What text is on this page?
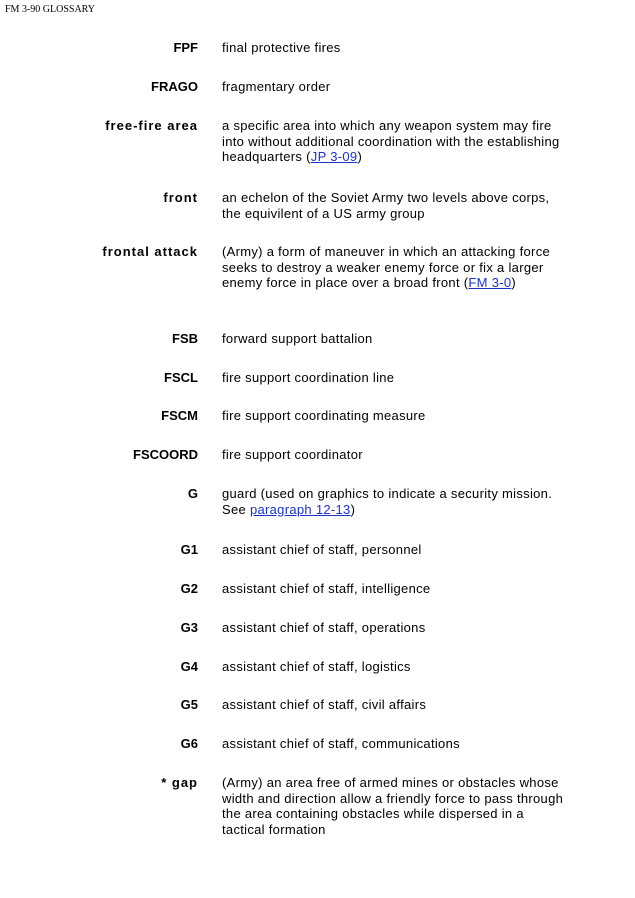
FM 3-90 GLOSSARY
FPF final protective fires
FRAGO fragmentary order
free-fire area a specific area into which any weapon system may fire into without additional coordination with the establishing headquarters (JP 3-09)
front an echelon of the Soviet Army two levels above corps, the equivilent of a US army group
frontal attack (Army) a form of maneuver in which an attacking force seeks to destroy a weaker enemy force or fix a larger enemy force in place over a broad front (FM 3-0)
FSB forward support battalion
FSCL fire support coordination line
FSCM fire support coordinating measure
FSCOORD fire support coordinator
G guard (used on graphics to indicate a security mission. See paragraph 12-13)
G1 assistant chief of staff, personnel
G2 assistant chief of staff, intelligence
G3 assistant chief of staff, operations
G4 assistant chief of staff, logistics
G5 assistant chief of staff, civil affairs
G6 assistant chief of staff, communications
* gap (Army) an area free of armed mines or obstacles whose width and direction allow a friendly force to pass through the area containing obstacles while dispersed in a tactical formation
